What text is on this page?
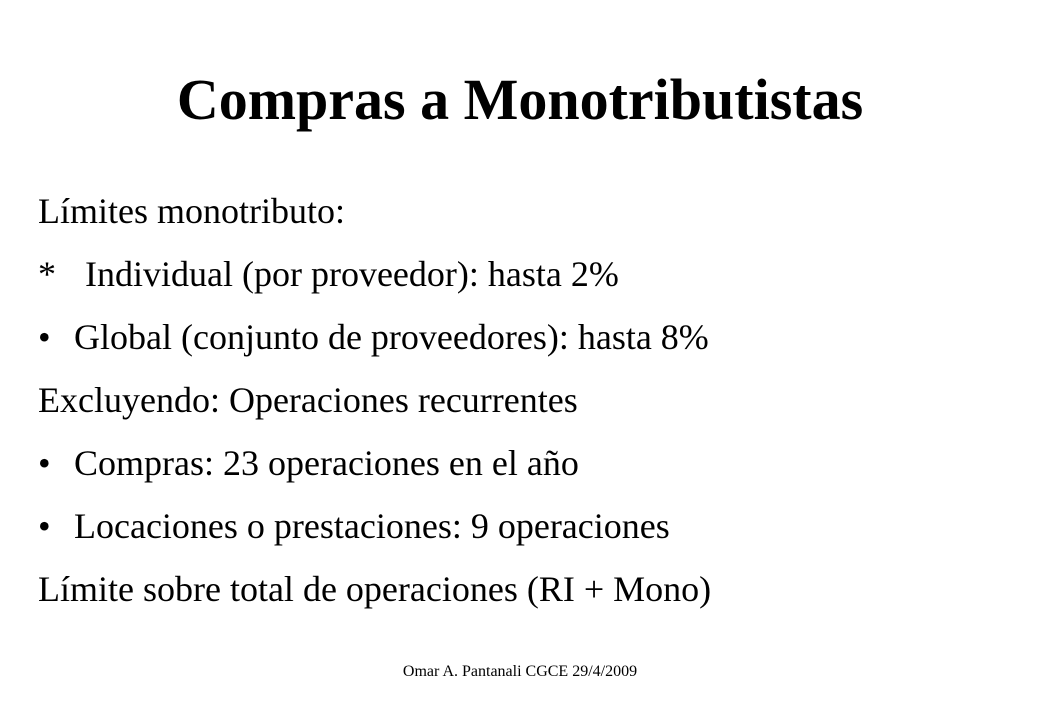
Compras a Monotributistas
Límites monotributo:
* Individual (por proveedor): hasta 2%
• Global (conjunto de proveedores): hasta 8%
Excluyendo: Operaciones recurrentes
• Compras: 23 operaciones en el año
• Locaciones o prestaciones: 9 operaciones
Límite sobre total de operaciones (RI + Mono)
Omar A. Pantanali CGCE 29/4/2009
